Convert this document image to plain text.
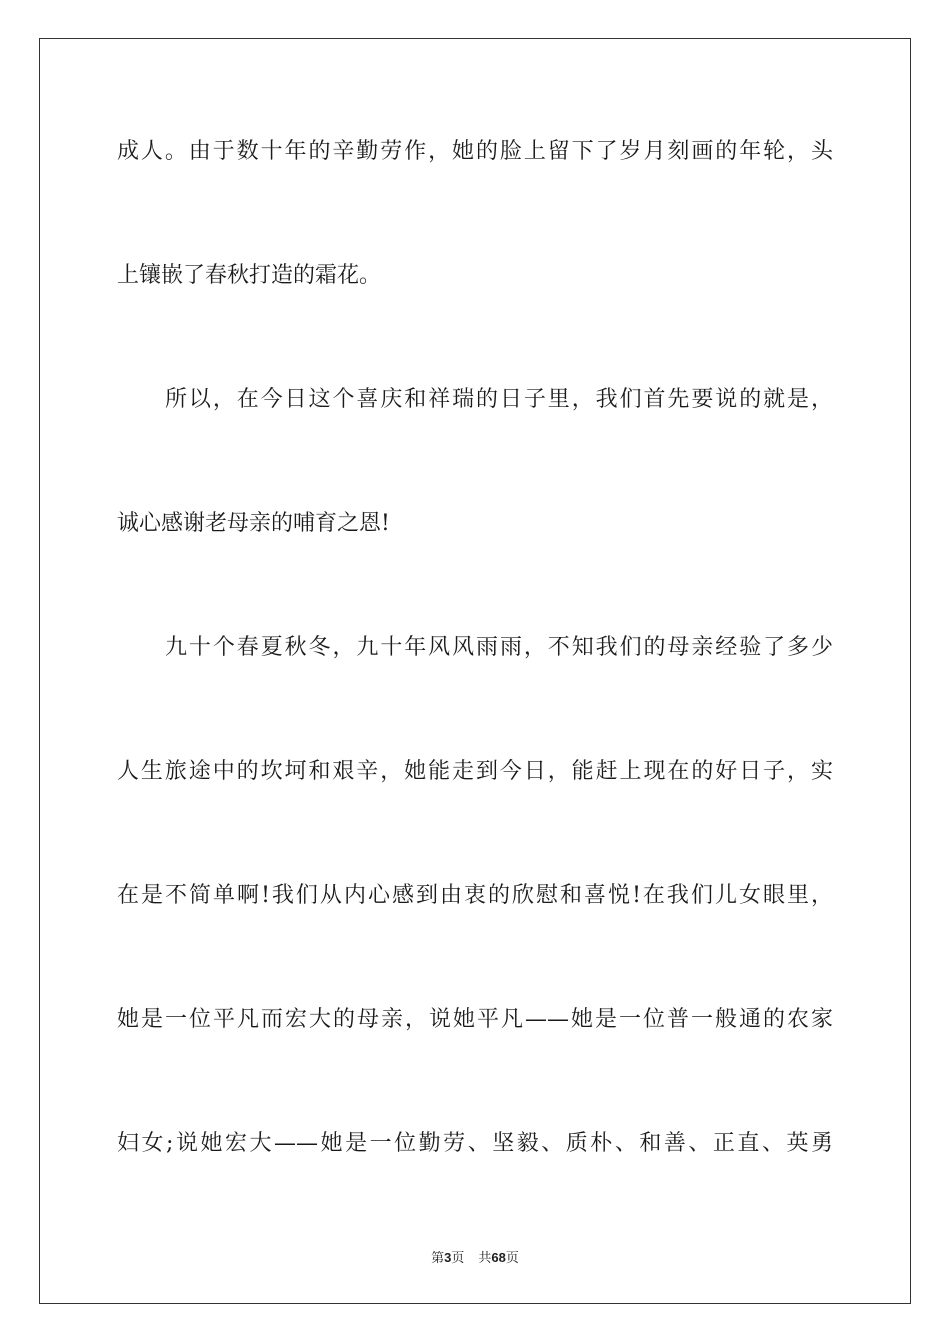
成人。由于数十年的辛勤劳作，她的脸上留下了岁月刻画的年轮，头
上镶嵌了春秋打造的霜花。
所以，在今日这个喜庆和祥瑞的日子里，我们首先要说的就是，
诚心感谢老母亲的哺育之恩!
九十个春夏秋冬，九十年风风雨雨，不知我们的母亲经验了多少
人生旅途中的坎坷和艰辛，她能走到今日，能赶上现在的好日子，实
在是不简单啊!我们从内心感到由衷的欣慰和喜悦!在我们儿女眼里，
她是一位平凡而宏大的母亲，说她平凡——她是一位普一般通的农家
妇女;说她宏大——她是一位勤劳、坚毅、质朴、和善、正直、英勇
第3页 共68页
